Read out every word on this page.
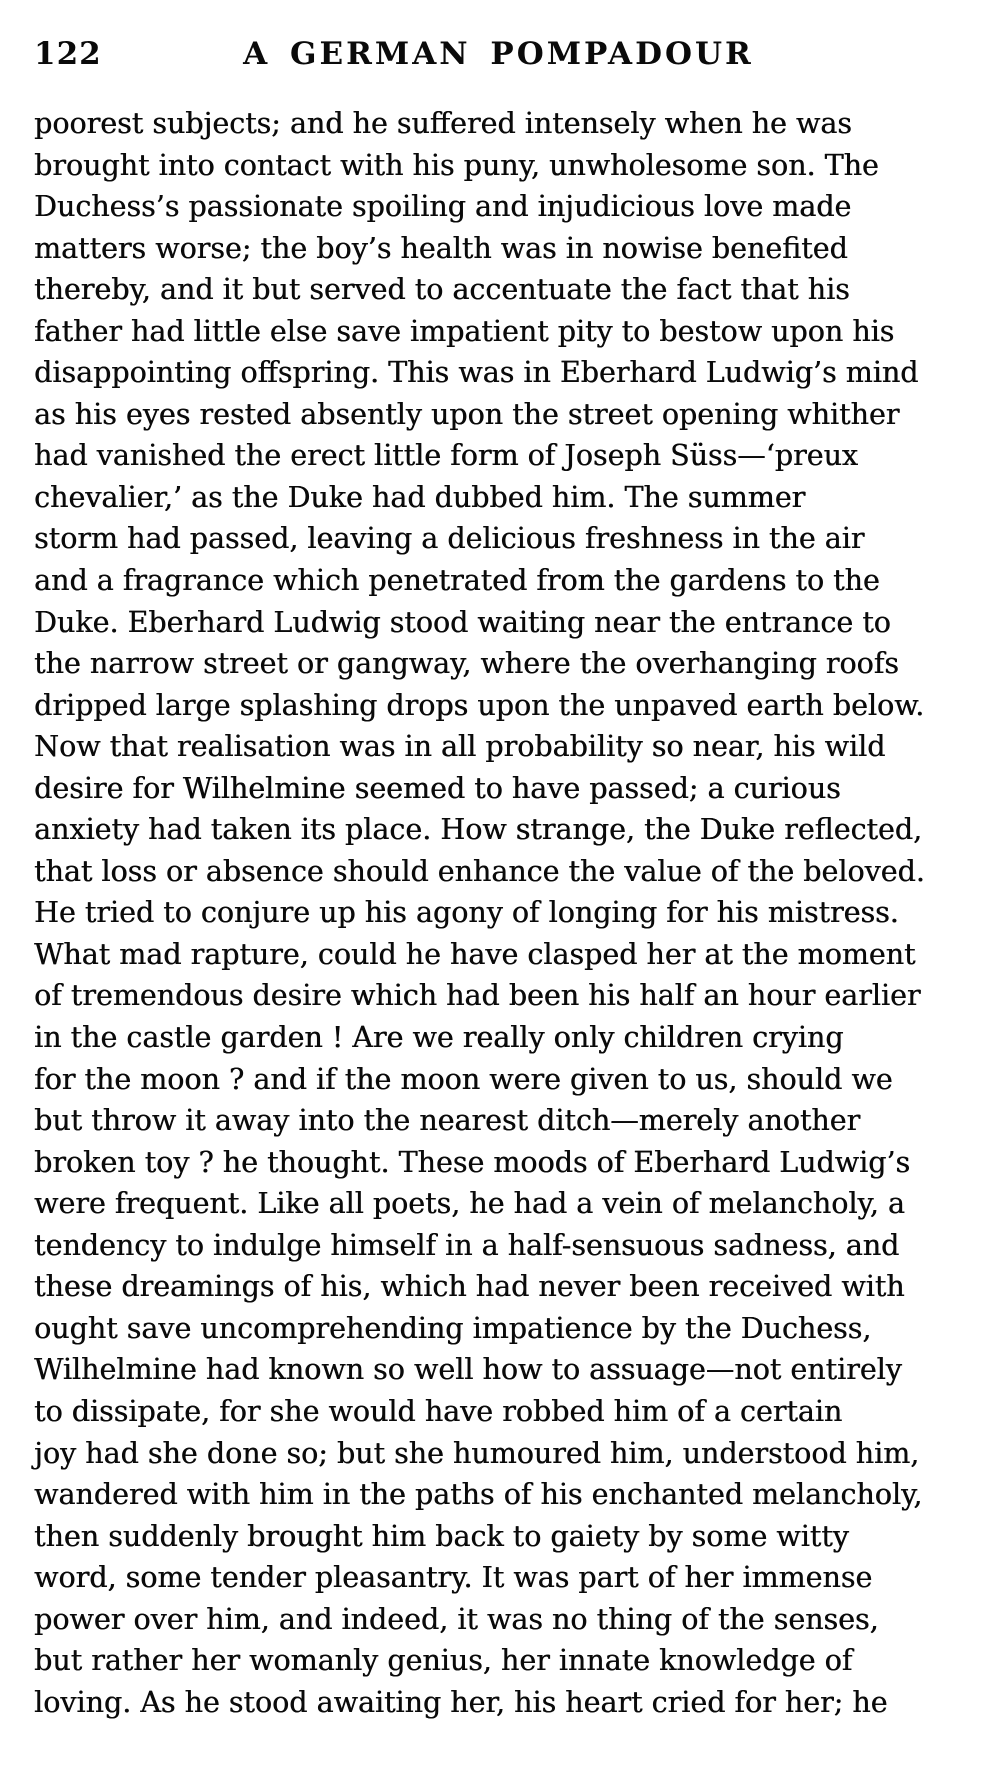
122	A GERMAN POMPADOUR
poorest subjects; and he suffered intensely when he was
brought into contact with his puny, unwholesome son. The
Duchess’s passionate spoiling and injudicious love made
matters worse; the boy’s health was in nowise benefited
thereby, and it but served to accentuate the fact that his
father had little else save impatient pity to bestow upon his
disappointing offspring. This was in Eberhard Ludwig’s mind
as his eyes rested absently upon the street opening whither
had vanished the erect little form of Joseph Süss—‘preux
chevalier,’ as the Duke had dubbed him. The summer
storm had passed, leaving a delicious freshness in the air
and a fragrance which penetrated from the gardens to the
Duke. Eberhard Ludwig stood waiting near the entrance to
the narrow street or gangway, where the overhanging roofs
dripped large splashing drops upon the unpaved earth below.
Now that realisation was in all probability so near, his wild
desire for Wilhelmine seemed to have passed; a curious
anxiety had taken its place. How strange, the Duke reflected,
that loss or absence should enhance the value of the beloved.
He tried to conjure up his agony of longing for his mistress.
What mad rapture, could he have clasped her at the moment
of tremendous desire which had been his half an hour earlier
in the castle garden ! Are we really only children crying
for the moon ? and if the moon were given to us, should we
but throw it away into the nearest ditch—merely another
broken toy ? he thought. These moods of Eberhard Ludwig’s
were frequent. Like all poets, he had a vein of melancholy, a
tendency to indulge himself in a half-sensuous sadness, and
these dreamings of his, which had never been received with
ought save uncomprehending impatience by the Duchess,
Wilhelmine had known so well how to assuage—not entirely
to dissipate, for she would have robbed him of a certain
joy had she done so; but she humoured him, understood him,
wandered with him in the paths of his enchanted melancholy,
then suddenly brought him back to gaiety by some witty
word, some tender pleasantry. It was part of her immense
power over him, and indeed, it was no thing of the senses,
but rather her womanly genius, her innate knowledge of
loving. As he stood awaiting her, his heart cried for her; he
